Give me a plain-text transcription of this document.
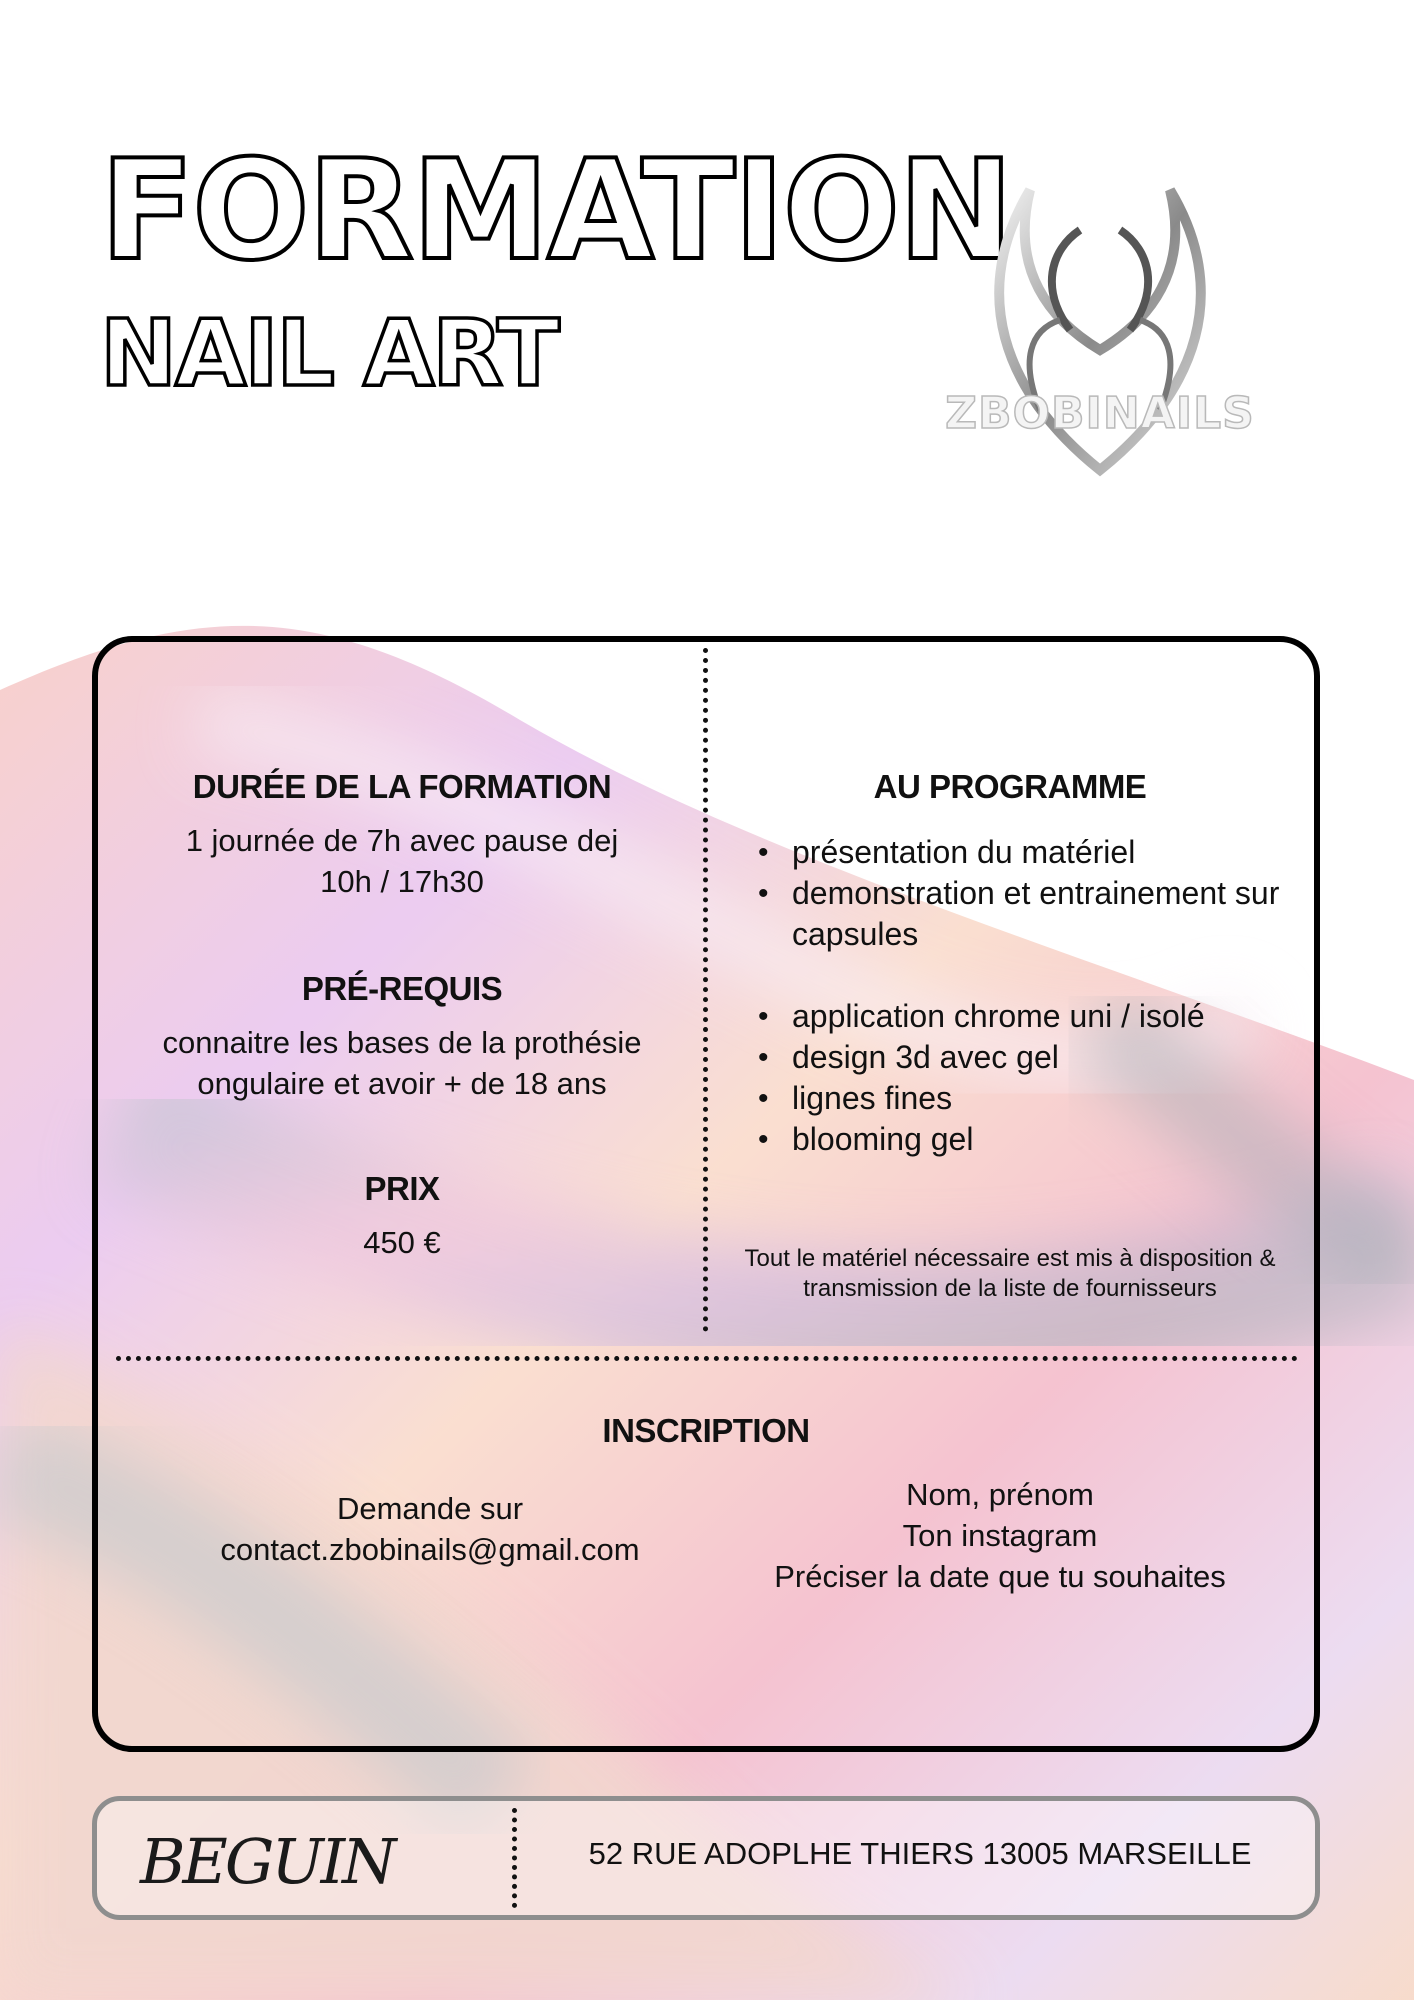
FORMATION
NAIL ART
ZBOBINAILS
DURÉE DE LA FORMATION

1 journée de 7h avec pause dej
10h / 17h30

PRÉ-REQUIS

connaitre les bases de la prothésie
ongulaire et avoir + de 18 ans

PRIX

450 €

AU PROGRAMME
• présentation du matériel
• demonstration et entrainement sur capsules
• application chrome uni / isolé
• design 3d avec gel
• lignes fines
• blooming gel
Tout le matériel nécessaire est mis à disposition &
transmission de la liste de fournisseurs
INSCRIPTION

Demande sur
contact.zbobinails@gmail.com

Nom, prénom
Ton instagram
Préciser la date que tu souhaites

BEGUIN	52 RUE ADOPLHE THIERS 13005 MARSEILLE
